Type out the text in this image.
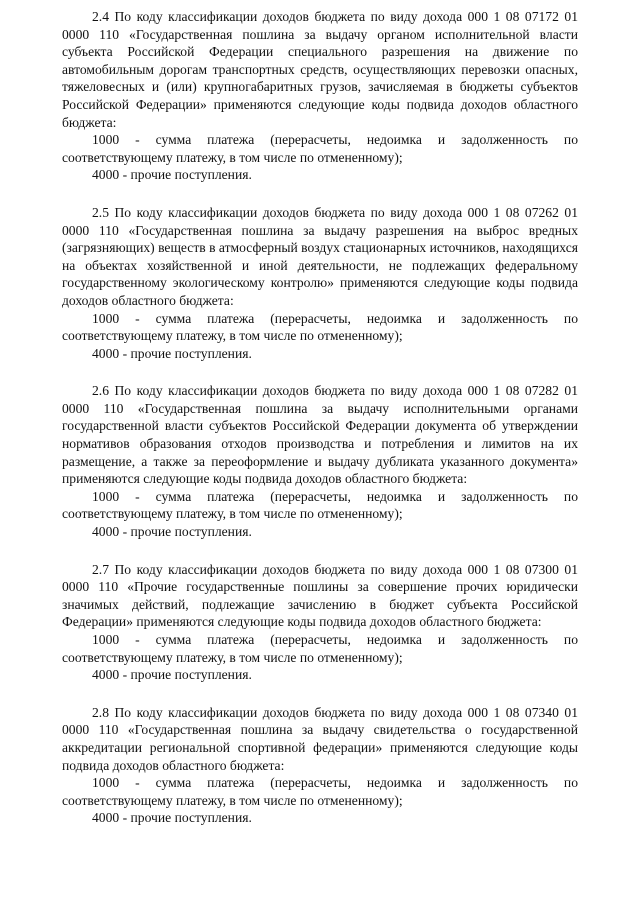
2.4 По коду классификации доходов бюджета по виду дохода 000 1 08 07172 01 0000 110 «Государственная пошлина за выдачу органом исполнительной власти субъекта Российской Федерации специального разрешения на движение по автомобильным дорогам транспортных средств, осуществляющих перевозки опасных, тяжеловесных и (или) крупногабаритных грузов, зачисляемая в бюджеты субъектов Российской Федерации» применяются следующие коды подвида доходов областного бюджета:

1000 - сумма платежа (перерасчеты, недоимка и задолженность по соответствующему платежу, в том числе по отмененному);

4000 - прочие поступления.

2.5 По коду классификации доходов бюджета по виду дохода 000 1 08 07262 01 0000 110 «Государственная пошлина за выдачу разрешения на выброс вредных (загрязняющих) веществ в атмосферный воздух стационарных источников, находящихся на объектах хозяйственной и иной деятельности, не подлежащих федеральному государственному экологическому контролю» применяются следующие коды подвида доходов областного бюджета:

1000 - сумма платежа (перерасчеты, недоимка и задолженность по соответствующему платежу, в том числе по отмененному);

4000 - прочие поступления.

2.6 По коду классификации доходов бюджета по виду дохода 000 1 08 07282 01 0000 110 «Государственная пошлина за выдачу исполнительными органами государственной власти субъектов Российской Федерации документа об утверждении нормативов образования отходов производства и потребления и лимитов на их размещение, а также за переоформление и выдачу дубликата указанного документа» применяются следующие коды подвида доходов областного бюджета:

1000 - сумма платежа (перерасчеты, недоимка и задолженность по соответствующему платежу, в том числе по отмененному);

4000 - прочие поступления.

2.7 По коду классификации доходов бюджета по виду дохода 000 1 08 07300 01 0000 110 «Прочие государственные пошлины за совершение прочих юридически значимых действий, подлежащие зачислению в бюджет субъекта Российской Федерации» применяются следующие коды подвида доходов областного бюджета:

1000 - сумма платежа (перерасчеты, недоимка и задолженность по соответствующему платежу, в том числе по отмененному);

4000 - прочие поступления.

2.8 По коду классификации доходов бюджета по виду дохода 000 1 08 07340 01 0000 110 «Государственная пошлина за выдачу свидетельства о государственной аккредитации региональной спортивной федерации» применяются следующие коды подвида доходов областного бюджета:

1000 - сумма платежа (перерасчеты, недоимка и задолженность по соответствующему платежу, в том числе по отмененному);

4000 - прочие поступления.
